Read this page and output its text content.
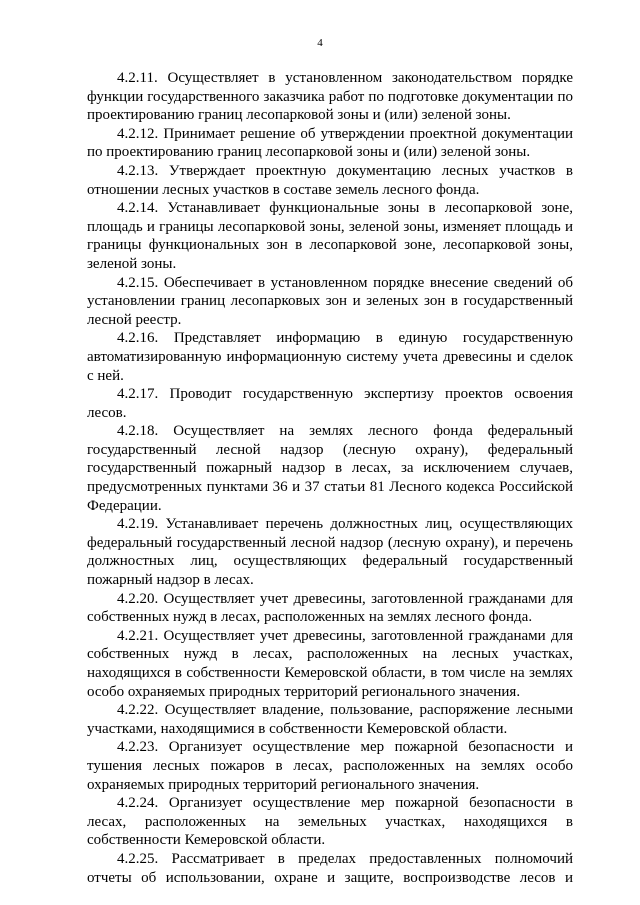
4

4.2.11. Осуществляет в установленном законодательством порядке функции государственного заказчика работ по подготовке документации по проектированию границ лесопарковой зоны и (или) зеленой зоны.

4.2.12. Принимает решение об утверждении проектной документации по проектированию границ лесопарковой зоны и (или) зеленой зоны.

4.2.13. Утверждает проектную документацию лесных участков в отношении лесных участков в составе земель лесного фонда.

4.2.14. Устанавливает функциональные зоны в лесопарковой зоне, площадь и границы лесопарковой зоны, зеленой зоны, изменяет площадь и границы функциональных зон в лесопарковой зоне, лесопарковой зоны, зеленой зоны.

4.2.15. Обеспечивает в установленном порядке внесение сведений об установлении границ лесопарковых зон и зеленых зон в государственный лесной реестр.

4.2.16. Представляет информацию в единую государственную автоматизированную информационную систему учета древесины и сделок с ней.

4.2.17. Проводит государственную экспертизу проектов освоения лесов.

4.2.18. Осуществляет на землях лесного фонда федеральный государственный лесной надзор (лесную охрану), федеральный государственный пожарный надзор в лесах, за исключением случаев, предусмотренных пунктами 36 и 37 статьи 81 Лесного кодекса Российской Федерации.

4.2.19. Устанавливает перечень должностных лиц, осуществляющих федеральный государственный лесной надзор (лесную охрану), и перечень должностных лиц, осуществляющих федеральный государственный пожарный надзор в лесах.

4.2.20. Осуществляет учет древесины, заготовленной гражданами для собственных нужд в лесах, расположенных на землях лесного фонда.

4.2.21. Осуществляет учет древесины, заготовленной гражданами для собственных нужд в лесах, расположенных на лесных участках, находящихся в собственности Кемеровской области, в том числе на землях особо охраняемых природных территорий регионального значения.

4.2.22. Осуществляет владение, пользование, распоряжение лесными участками, находящимися в собственности Кемеровской области.

4.2.23. Организует осуществление мер пожарной безопасности и тушения лесных пожаров в лесах, расположенных на землях особо охраняемых природных территорий регионального значения.

4.2.24. Организует осуществление мер пожарной безопасности в лесах, расположенных на земельных участках, находящихся в собственности Кемеровской области.

4.2.25. Рассматривает в пределах предоставленных полномочий отчеты об использовании, охране и защите, воспроизводстве лесов и
